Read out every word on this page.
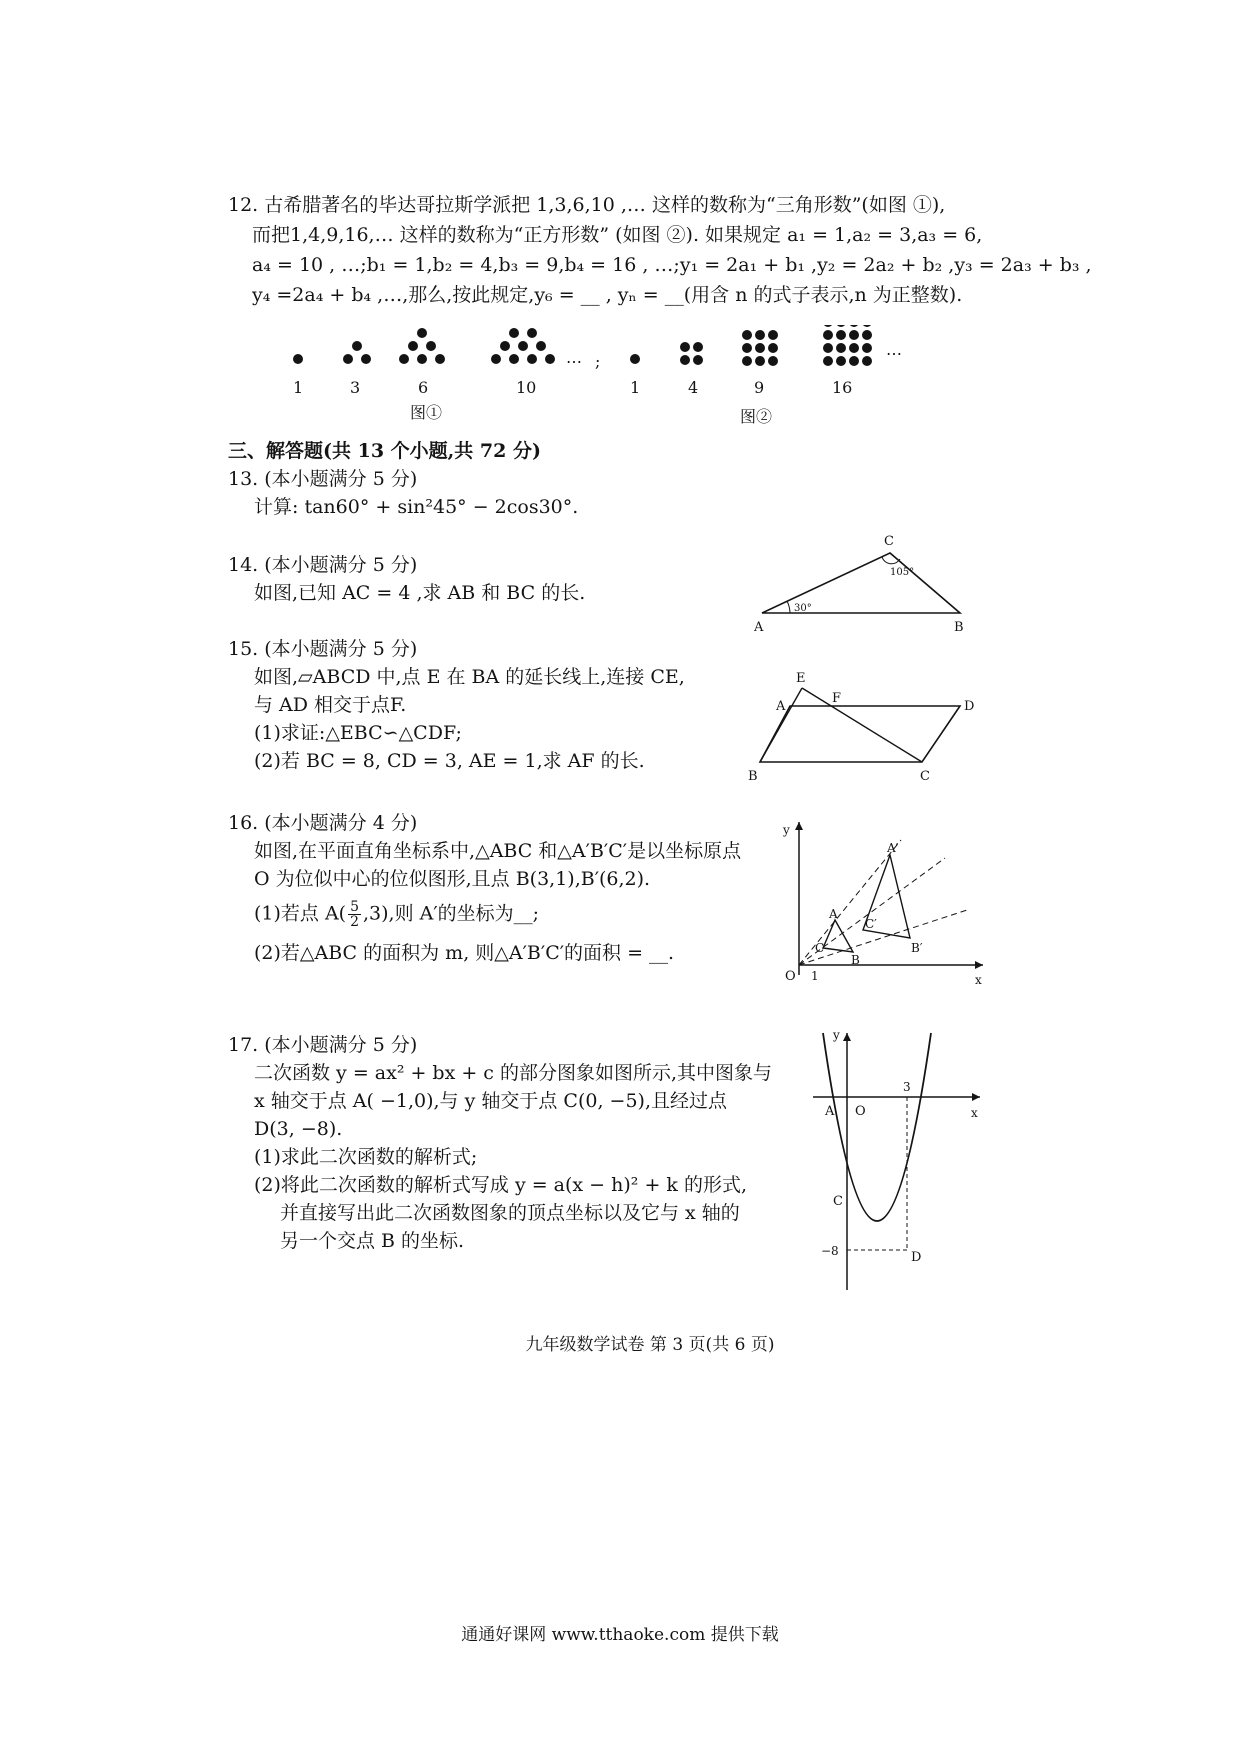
12. 古希腊著名的毕达哥拉斯学派把 1,3,6,10 ,… 这样的数称为“三角形数”(如图 ①),
而把1,4,9,16,… 这样的数称为“正方形数” (如图 ②). 如果规定 a₁ = 1,a₂ = 3,a₃ = 6,
a₄ = 10 , …;b₁ = 1,b₂ = 4,b₃ = 9,b₄ = 16 , …;y₁ = 2a₁ + b₁ ,y₂ = 2a₂ + b₂ ,y₃ = 2a₃ + b₃ ,
y₄ =2a₄ + b₄ ,…,那么,按此规定,y₆ = __ , yₙ = __(用含 n 的式子表示,n 为正整数).
… ;
…
1	3	6	10	1	4	9	16
图①	图②
三、解答题(共 13 个小题,共 72 分)
13. (本小题满分 5 分)
计算: tan60° + sin²45° − 2cos30°.
14. (本小题满分 5 分)
如图,已知 AC = 4 ,求 AB 和 BC 的长.
A	B
C
30°
105°
15. (本小题满分 5 分)
如图,▱ABCD 中,点 E 在 BA 的延长线上,连接 CE,
与 AD 相交于点F.
(1)求证:△EBC∽△CDF;
(2)若 BC = 8, CD = 3, AE = 1,求 AF 的长.
E
A
F
D
B	C
16. (本小题满分 4 分)
如图,在平面直角坐标系中,△ABC 和△A′B′C′是以坐标原点
O 为位似中心的位似图形,且点 B(3,1),B′(6,2).
(1)若点 $A( \frac{5}{2} ,3)$,则 A′的坐标为__;
(2)若△ABC 的面积为 m, 则△A′B′C′的面积 = __.
y
x
O 1
A
C
B
A′
C′
B′
17. (本小题满分 5 分)
二次函数 y = ax² + bx + c 的部分图象如图所示,其中图象与
x 轴交于点 A( −1,0),与 y 轴交于点 C(0, −5),且经过点
D(3, −8).
(1)求此二次函数的解析式;
(2)将此二次函数的解析式写成 y = a(x − h)² + k 的形式,
并直接写出此二次函数图象的顶点坐标以及它与 x 轴的
另一个交点 B 的坐标.
y
x
O
A
3
C
−8	D
九年级数学试卷 第 3 页(共 6 页)
通通好课网 www.tthaoke.com 提供下载
